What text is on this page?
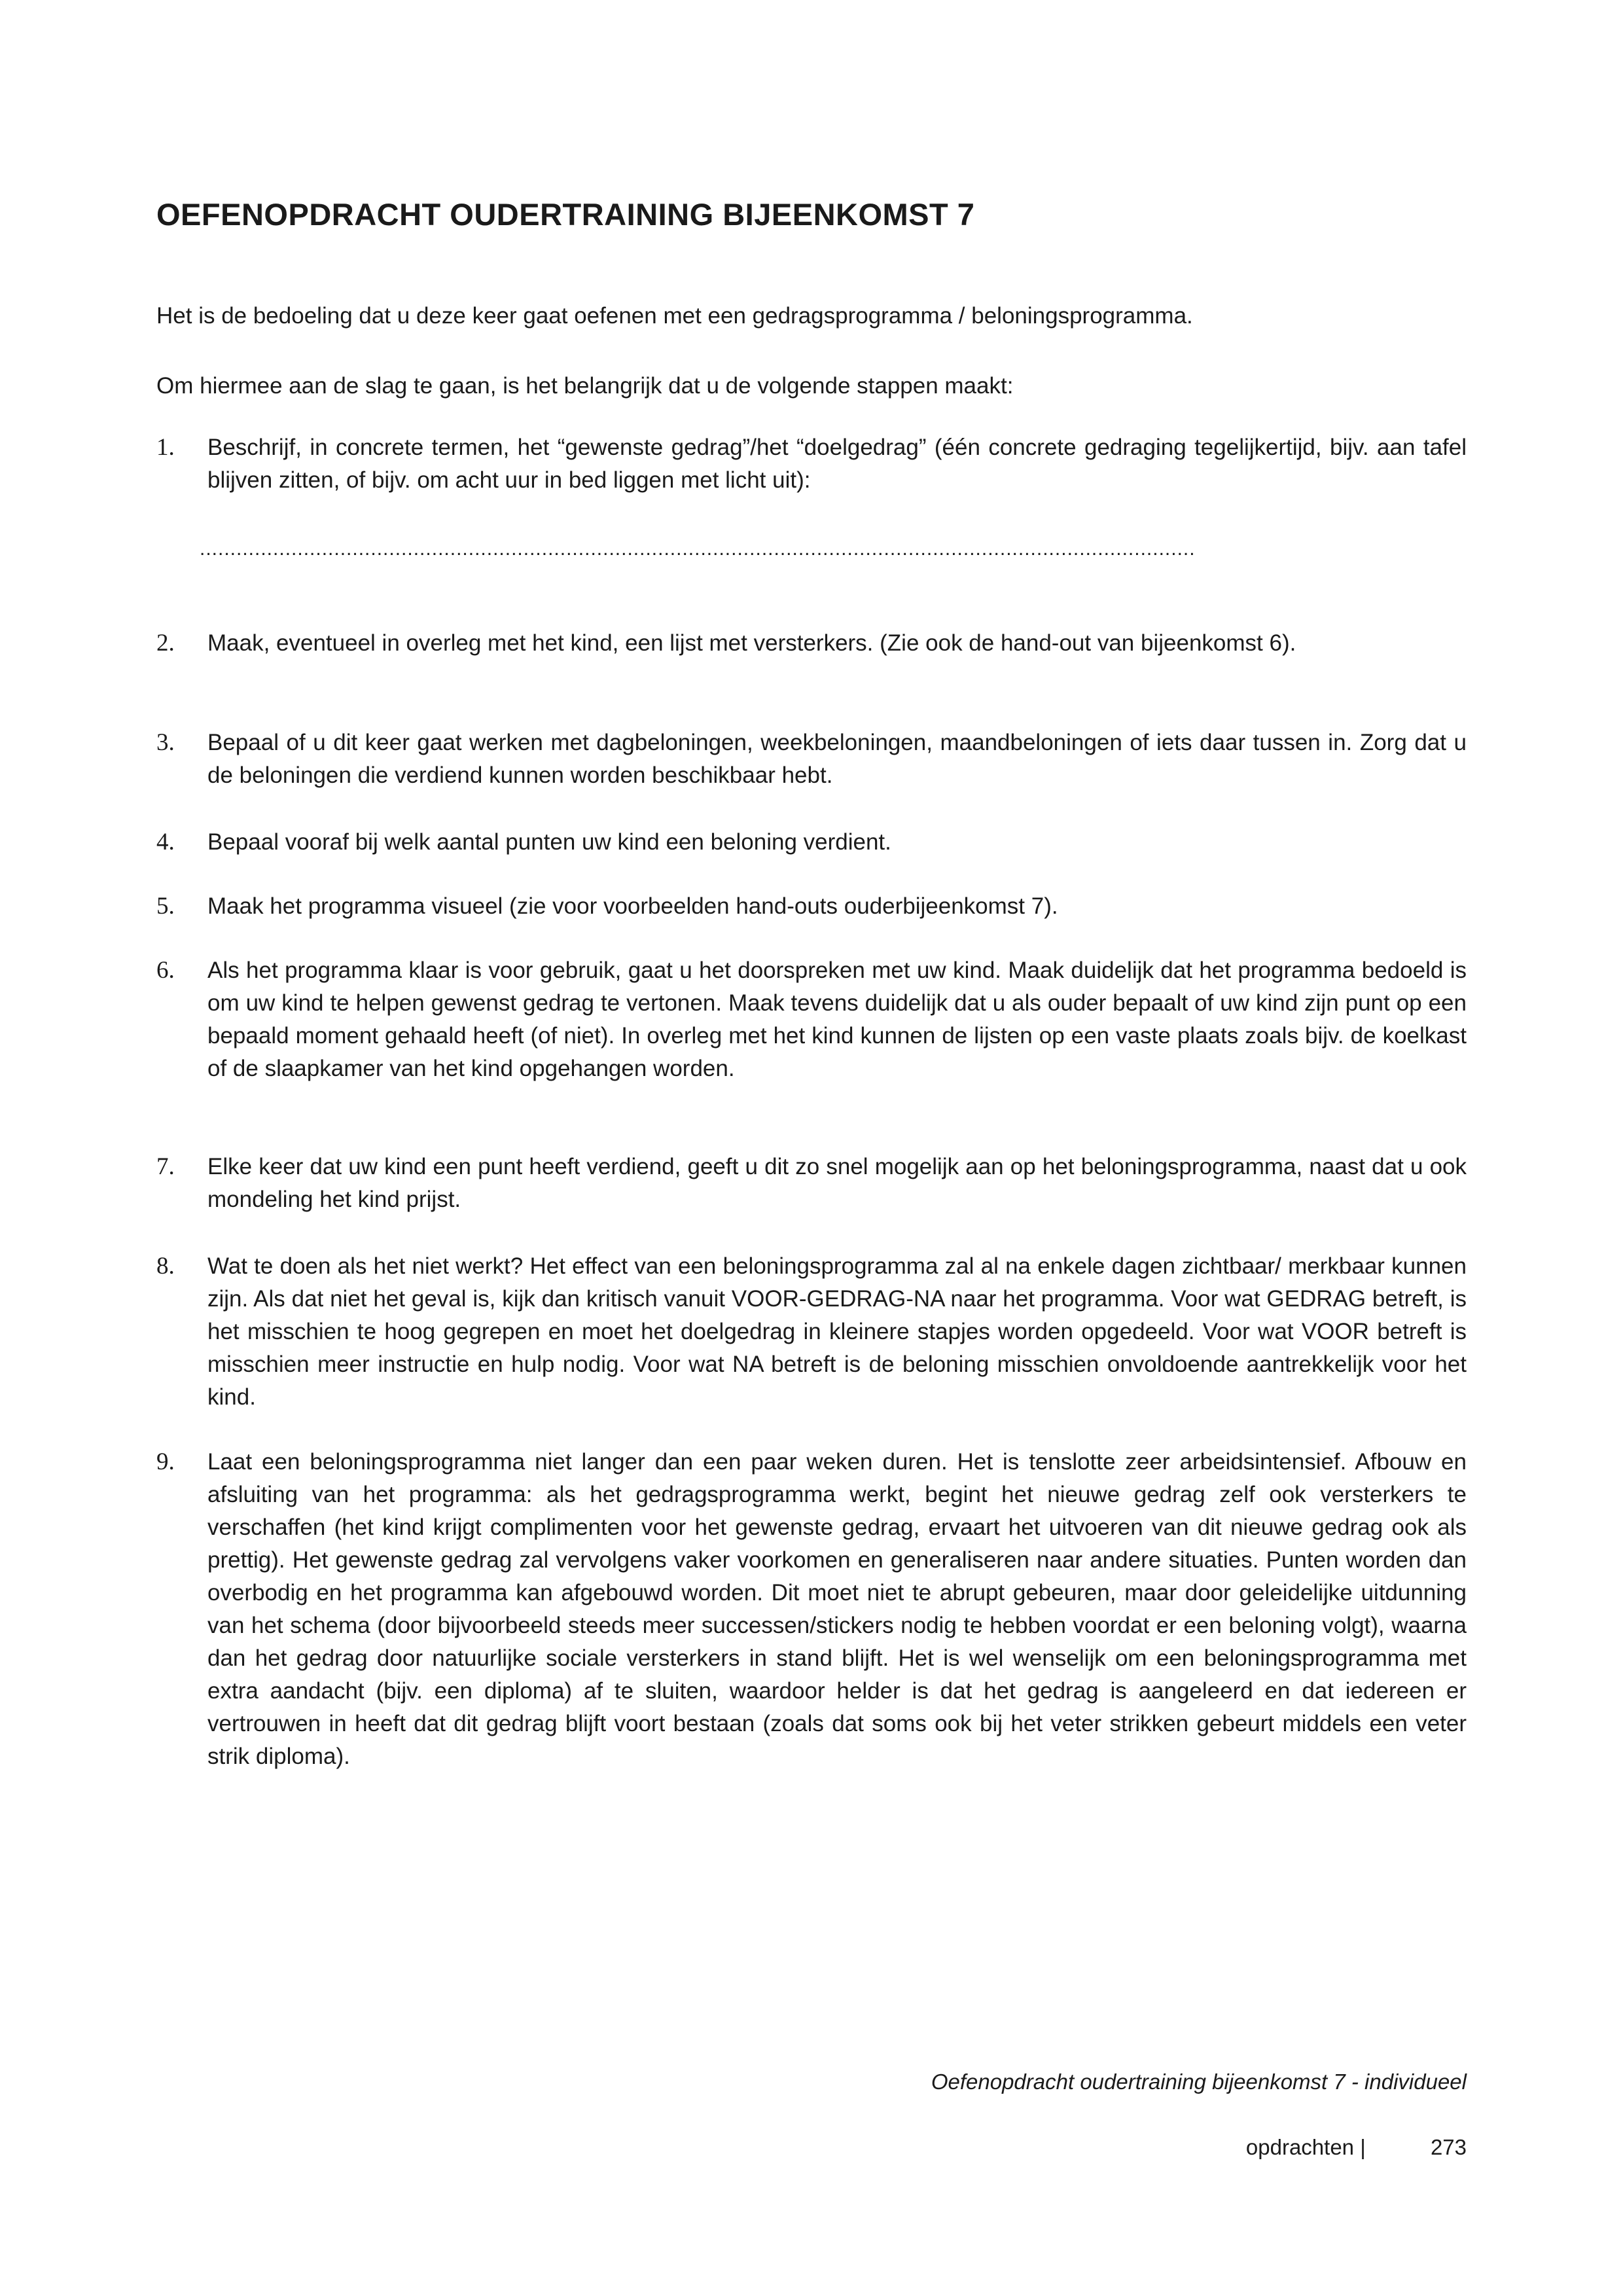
OEFENOPDRACHT OUDERTRAINING BIJEENKOMST 7

Het is de bedoeling dat u deze keer gaat oefenen met een gedragsprogramma / beloningsprogramma.

Om hiermee aan de slag te gaan, is het belangrijk dat u de volgende stappen maakt:

1. Beschrijf, in concrete termen, het “gewenste gedrag”/het “doelgedrag” (één concrete gedraging tegelijkertijd, bijv. aan tafel blijven zitten, of bijv. om acht uur in bed liggen met licht uit):
...................................................................................................................................................................
2. Maak, eventueel in overleg met het kind, een lijst met versterkers. (Zie ook de hand-out van bijeenkomst 6).
3. Bepaal of u dit keer gaat werken met dagbeloningen, weekbeloningen, maandbeloningen of iets daar tussen in. Zorg dat u de beloningen die verdiend kunnen worden beschikbaar hebt.
4. Bepaal vooraf bij welk aantal punten uw kind een beloning verdient.
5. Maak het programma visueel (zie voor voorbeelden hand-outs ouderbijeenkomst 7).
6. Als het programma klaar is voor gebruik, gaat u het doorspreken met uw kind. Maak duidelijk dat het programma bedoeld is om uw kind te helpen gewenst gedrag te vertonen. Maak tevens duidelijk dat u als ouder bepaalt of uw kind zijn punt op een bepaald moment gehaald heeft (of niet). In overleg met het kind kunnen de lijsten op een vaste plaats zoals bijv. de koelkast of de slaapkamer van het kind opgehangen worden.
7. Elke keer dat uw kind een punt heeft verdiend, geeft u dit zo snel mogelijk aan op het beloningsprogramma, naast dat u ook mondeling het kind prijst.
8. Wat te doen als het niet werkt? Het effect van een beloningsprogramma zal al na enkele dagen zichtbaar/ merkbaar kunnen zijn. Als dat niet het geval is, kijk dan kritisch vanuit VOOR-GEDRAG-NA naar het programma. Voor wat GEDRAG betreft, is het misschien te hoog gegrepen en moet het doelgedrag in kleinere stapjes worden opgedeeld. Voor wat VOOR betreft is misschien meer instructie en hulp nodig. Voor wat NA betreft is de beloning misschien onvoldoende aantrekkelijk voor het kind.
9. Laat een beloningsprogramma niet langer dan een paar weken duren. Het is tenslotte zeer arbeidsintensief. Afbouw en afsluiting van het programma: als het gedragsprogramma werkt, begint het nieuwe gedrag zelf ook versterkers te verschaffen (het kind krijgt complimenten voor het gewenste gedrag, ervaart het uitvoeren van dit nieuwe gedrag ook als prettig). Het gewenste gedrag zal vervolgens vaker voorkomen en generaliseren naar andere situaties. Punten worden dan overbodig en het programma kan afgebouwd worden. Dit moet niet te abrupt gebeuren, maar door geleidelijke uitdunning van het schema (door bijvoorbeeld steeds meer successen/stickers nodig te hebben voordat er een beloning volgt), waarna dan het gedrag door natuurlijke sociale versterkers in stand blijft. Het is wel wenselijk om een beloningsprogramma met extra aandacht (bijv. een diploma) af te sluiten, waardoor helder is dat het gedrag is aangeleerd en dat iedereen er vertrouwen in heeft dat dit gedrag blijft voort bestaan (zoals dat soms ook bij het veter strikken gebeurt middels een veter strik diploma).
Oefenopdracht oudertraining bijeenkomst 7 - individueel
opdrachten |	273
